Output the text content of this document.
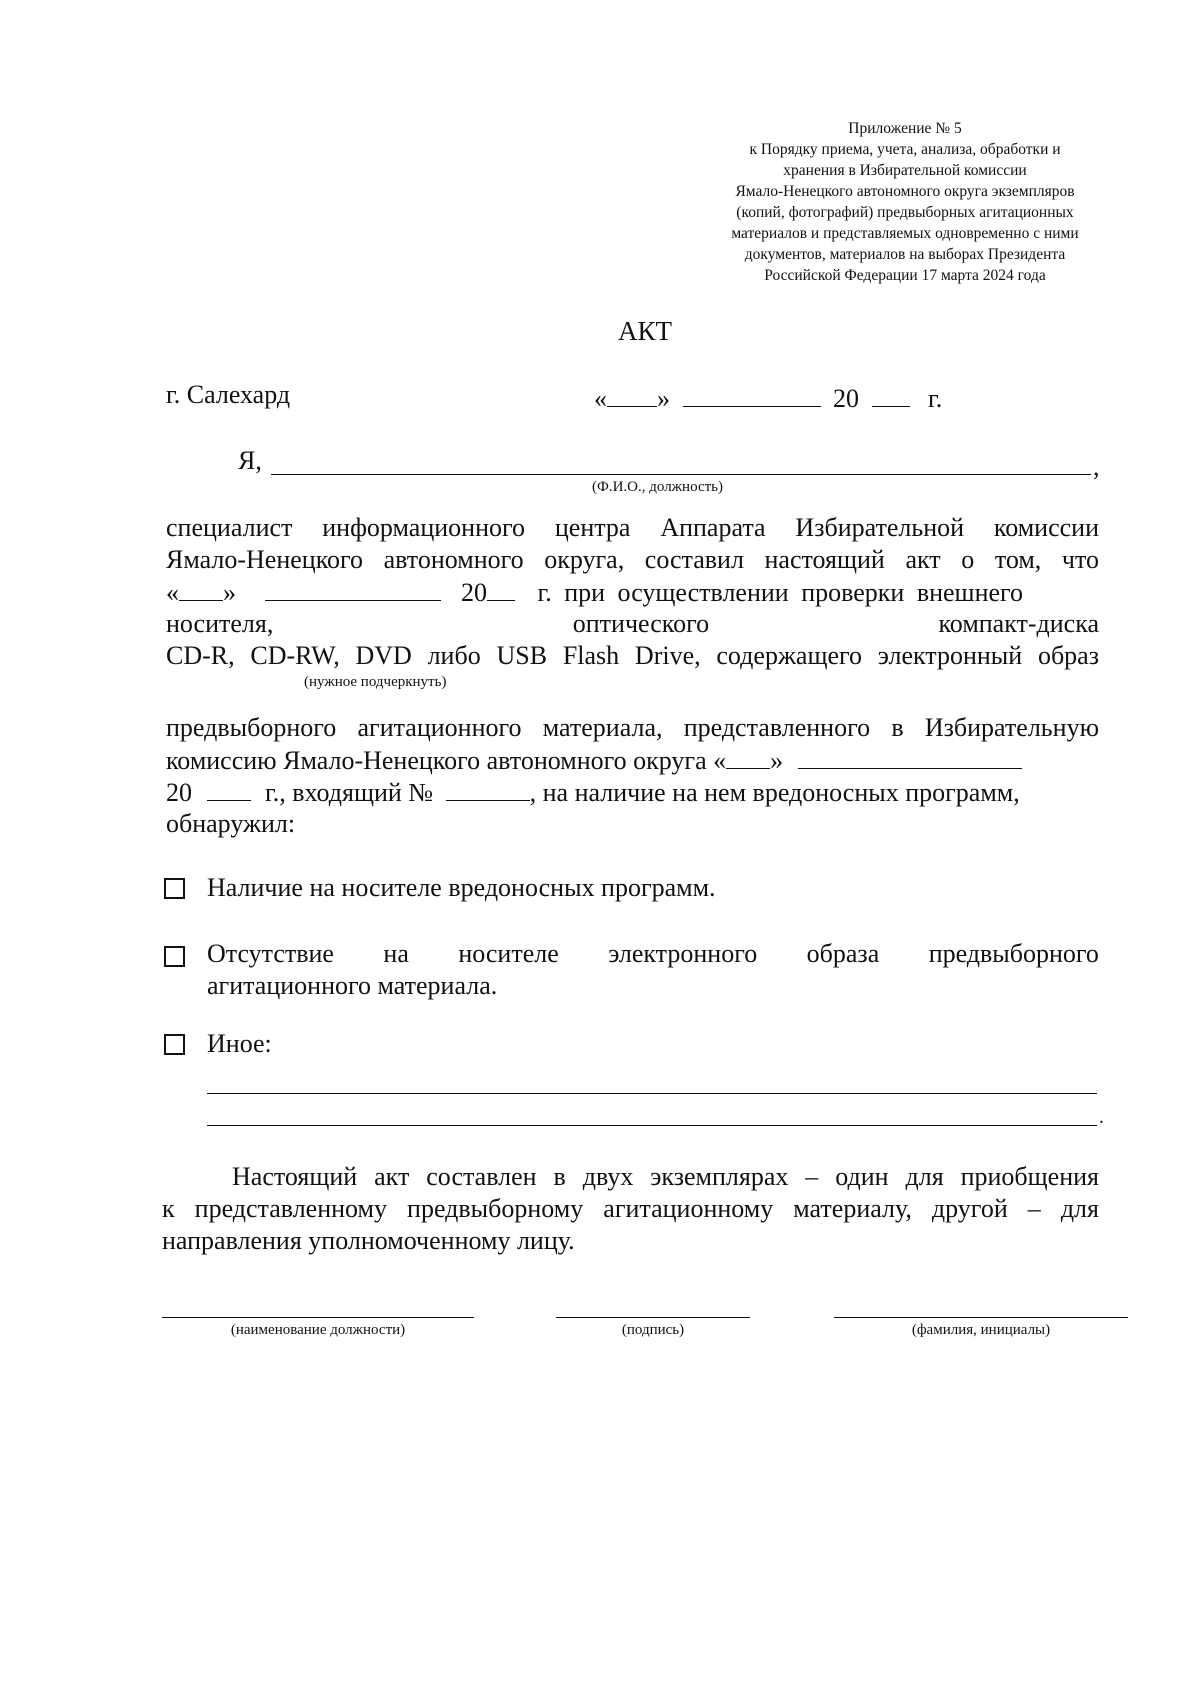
Приложение № 5
к Порядку приема, учета, анализа, обработки и
хранения в Избирательной комиссии
Ямало-Ненецкого автономного округа экземпляров
(копий, фотографий) предвыборных агитационных
материалов и представляемых одновременно с ними
документов, материалов на выборах Президента
Российской Федерации 17 марта 2024 года
АКТ
г. Салехард	« »	20	г.
Я,	,
(Ф.И.О., должность)
специалист информационного центра Аппарата Избирательной комиссии
Ямало-Ненецкого автономного округа, составил настоящий акт о том, что
« »	20 г. при осуществлении проверки внешнего
носителя,	оптического	компакт-диска
CD-R, CD-RW, DVD либо USB Flash Drive, содержащего электронный образ
(нужное подчеркнуть)
предвыборного агитационного материала, представленного в Избирательную
комиссию Ямало-Ненецкого автономного округа « »
20	г., входящий №	, на наличие на нем вредоносных программ,
обнаружил:
Наличие на носителе вредоносных программ.
Отсутствие на носителе электронного образа предвыборного
агитационного материала.
Иное:
.
Настоящий акт составлен в двух экземплярах – один для приобщения
к представленному предвыборному агитационному материалу, другой – для
направления уполномоченному лицу.
(наименование должности)	(подпись)	(фамилия, инициалы)
